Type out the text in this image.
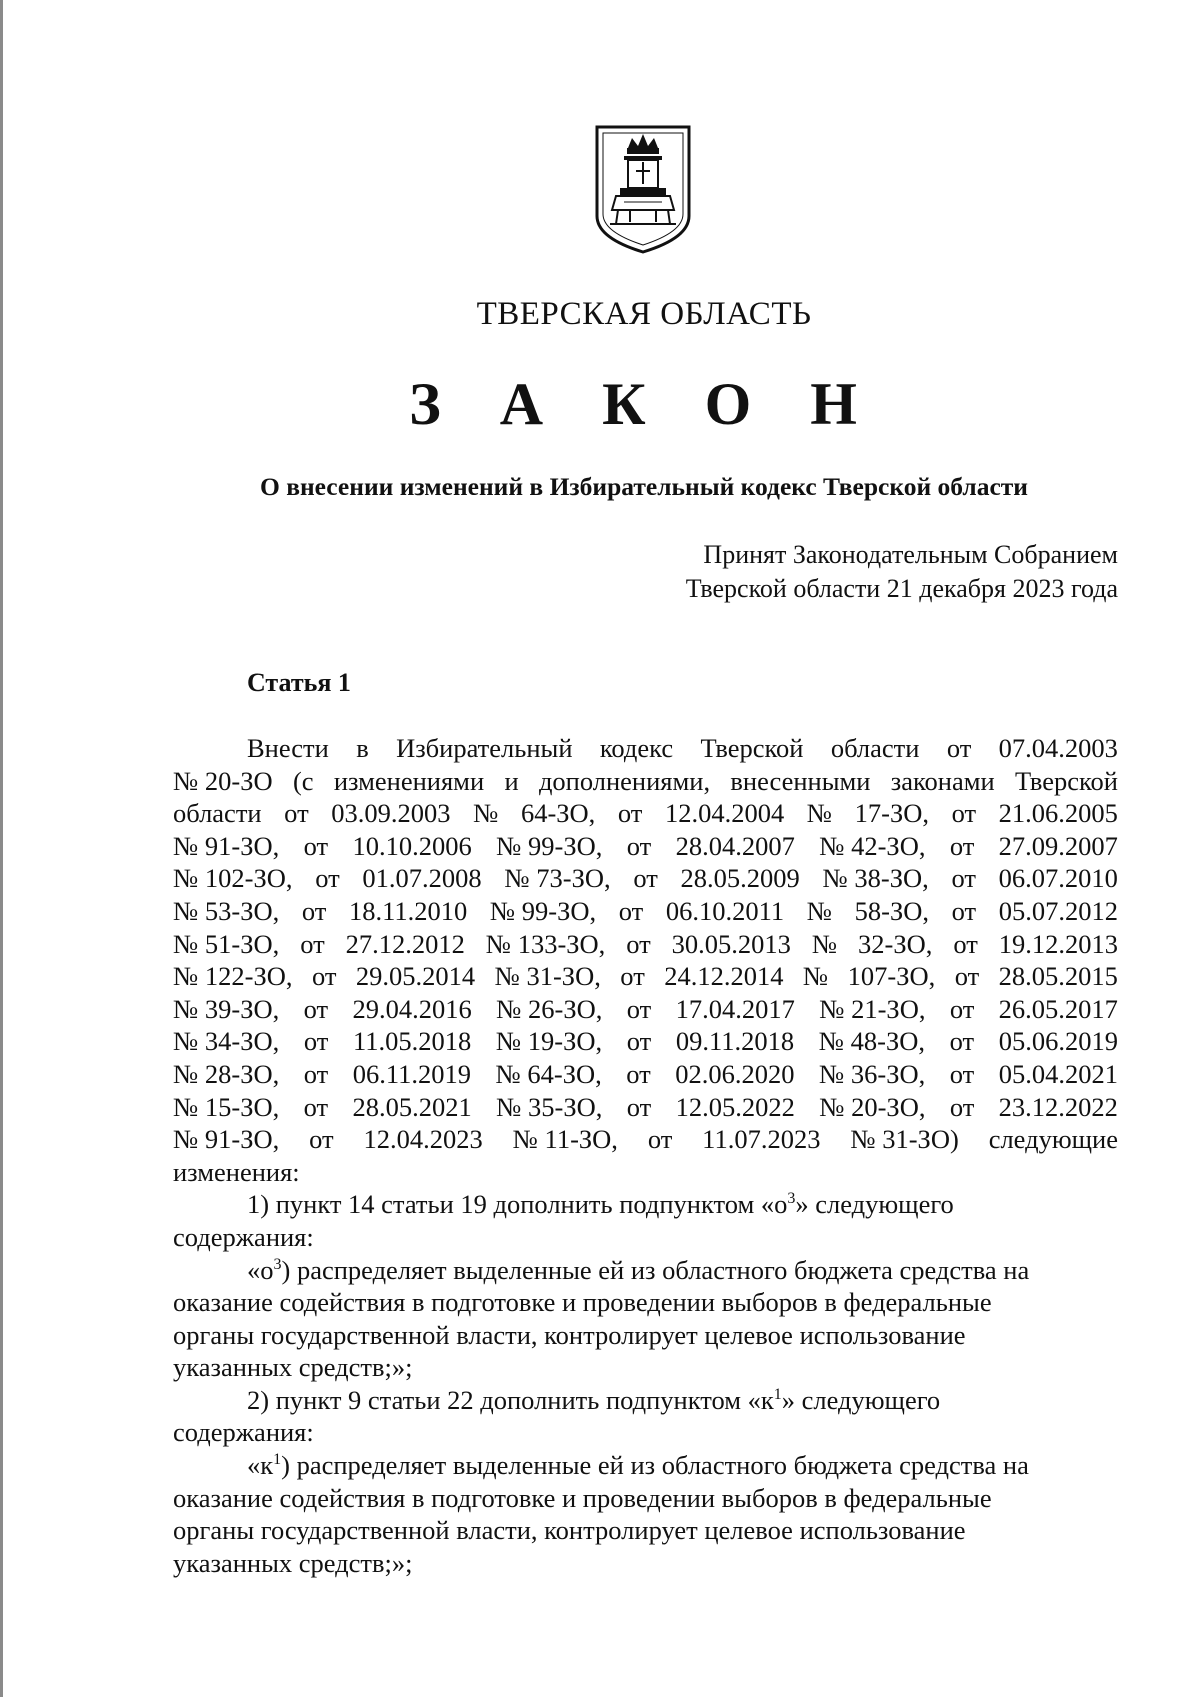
ТВЕРСКАЯ ОБЛАСТЬ
З А К О Н
О внесении изменений в Избирательный кодекс Тверской области
Принят Законодательным Собранием
Тверской области 21 декабря 2023 года
Статья 1
Внести в Избирательный кодекс Тверской области от 07.04.2003
№ 20-ЗО (с изменениями и дополнениями, внесенными законами Тверской
области от 03.09.2003 № 64-ЗО, от 12.04.2004 № 17-ЗО, от 21.06.2005
№ 91-ЗО, от 10.10.2006 № 99-ЗО, от 28.04.2007 № 42-ЗО, от 27.09.2007
№ 102-ЗО, от 01.07.2008 № 73-ЗО, от 28.05.2009 № 38-ЗО, от 06.07.2010
№ 53-ЗО, от 18.11.2010 № 99-ЗО, от 06.10.2011 № 58-ЗО, от 05.07.2012
№ 51-ЗО, от 27.12.2012 № 133-ЗО, от 30.05.2013 № 32-ЗО, от 19.12.2013
№ 122-ЗО, от 29.05.2014 № 31-ЗО, от 24.12.2014 № 107-ЗО, от 28.05.2015
№ 39-ЗО, от 29.04.2016 № 26-ЗО, от 17.04.2017 № 21-ЗО, от 26.05.2017
№ 34-ЗО, от 11.05.2018 № 19-ЗО, от 09.11.2018 № 48-ЗО, от 05.06.2019
№ 28-ЗО, от 06.11.2019 № 64-ЗО, от 02.06.2020 № 36-ЗО, от 05.04.2021
№ 15-ЗО, от 28.05.2021 № 35-ЗО, от 12.05.2022 № 20-ЗО, от 23.12.2022
№ 91-ЗО, от 12.04.2023 № 11-ЗО, от 11.07.2023 № 31-ЗО) следующие
изменения:
1) пункт 14 статьи 19 дополнить подпунктом «$о^3$» следующего
содержания:
«$о^3$) распределяет выделенные ей из областного бюджета средства на
оказание содействия в подготовке и проведении выборов в федеральные
органы государственной власти, контролирует целевое использование
указанных средств;»;
2) пункт 9 статьи 22 дополнить подпунктом «$к^1$» следующего
содержания:
«$к^1$) распределяет выделенные ей из областного бюджета средства на
оказание содействия в подготовке и проведении выборов в федеральные
органы государственной власти, контролирует целевое использование
указанных средств;»;
